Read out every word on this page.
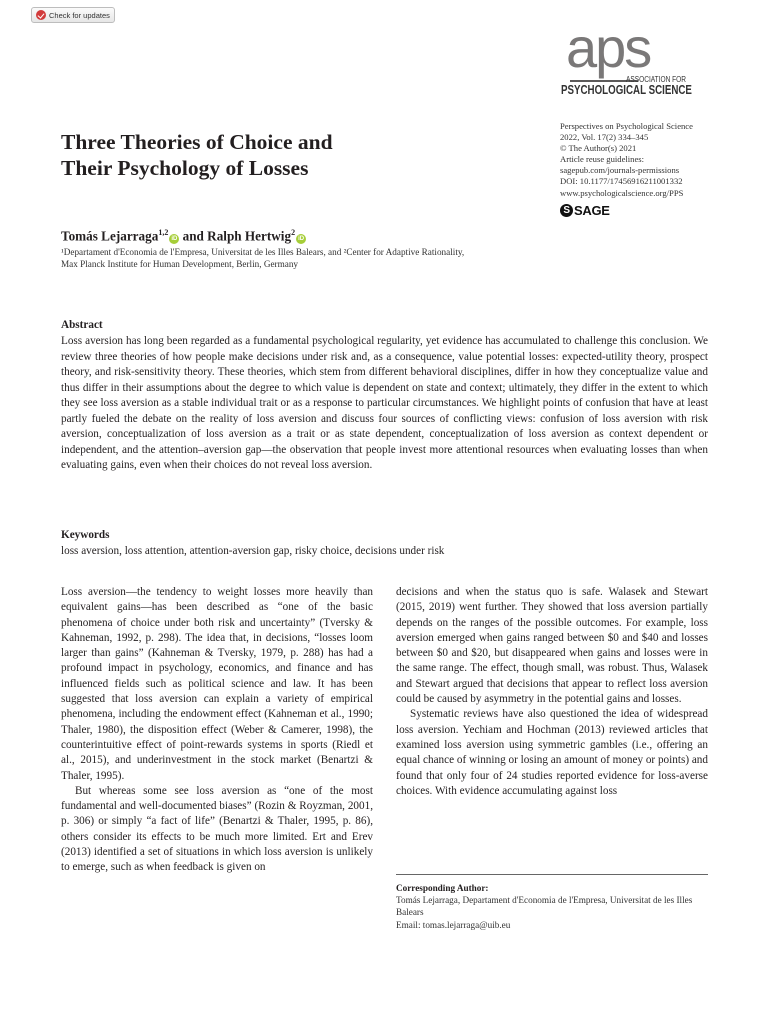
Check for updates
aps
ASSOCIATION FOR
PSYCHOLOGICAL SCIENCE
Perspectives on Psychological Science
2022, Vol. 17(2) 334–345
© The Author(s) 2021
Article reuse guidelines:
sagepub.com/journals-permissions
DOI: 10.1177/17456916211001332
www.psychologicalscience.org/PPS
S SAGE
Three Theories of Choice and
Their Psychology of Losses
Tomás Lejarraga$^{1,2}$iD and Ralph Hertwig$^2$iD
¹Departament d'Economia de l'Empresa, Universitat de les Illes Balears, and ²Center for Adaptive Rationality,
Max Planck Institute for Human Development, Berlin, Germany
Abstract

Loss aversion has long been regarded as a fundamental psychological regularity, yet evidence has accumulated to challenge this conclusion. We review three theories of how people make decisions under risk and, as a consequence, value potential losses: expected-utility theory, prospect theory, and risk-sensitivity theory. These theories, which stem from different behavioral disciplines, differ in how they conceptualize value and thus differ in their assumptions about the degree to which value is dependent on state and context; ultimately, they differ in the extent to which they see loss aversion as a stable individual trait or as a response to particular circumstances. We highlight points of confusion that have at least partly fueled the debate on the reality of loss aversion and discuss four sources of conflicting views: confusion of loss aversion with risk aversion, conceptualization of loss aversion as a trait or as state dependent, conceptualization of loss aversion as context dependent or independent, and the attention–aversion gap—the observation that people invest more attentional resources when evaluating losses than when evaluating gains, even when their choices do not reveal loss aversion.

Keywords
loss aversion, loss attention, attention-aversion gap, risky choice, decisions under risk

Loss aversion—the tendency to weight losses more heavily than equivalent gains—has been described as “one of the basic phenomena of choice under both risk and uncertainty” (Tversky & Kahneman, 1992, p. 298). The idea that, in decisions, “losses loom larger than gains” (Kahneman & Tversky, 1979, p. 288) has had a profound impact in psychology, economics, and finance and has influenced fields such as political science and law. It has been suggested that loss aversion can explain a variety of empirical phenomena, including the endowment effect (Kahneman et al., 1990; Thaler, 1980), the disposition effect (Weber & Camerer, 1998), the counterintuitive effect of point-rewards systems in sports (Riedl et al., 2015), and underinvestment in the stock market (Benartzi & Thaler, 1995).

But whereas some see loss aversion as “one of the most fundamental and well-documented biases” (Rozin & Royzman, 2001, p. 306) or simply “a fact of life” (Benartzi & Thaler, 1995, p. 86), others consider its effects to be much more limited. Ert and Erev (2013) identified a set of situations in which loss aversion is unlikely to emerge, such as when feedback is given on

decisions and when the status quo is safe. Walasek and Stewart (2015, 2019) went further. They showed that loss aversion partially depends on the ranges of the possible outcomes. For example, loss aversion emerged when gains ranged between $0 and $40 and losses between $0 and $20, but disappeared when gains and losses were in the same range. The effect, though small, was robust. Thus, Walasek and Stewart argued that decisions that appear to reflect loss aversion could be caused by asymmetry in the potential gains and losses.

Systematic reviews have also questioned the idea of widespread loss aversion. Yechiam and Hochman (2013) reviewed articles that examined loss aversion using symmetric gambles (i.e., offering an equal chance of winning or losing an amount of money or points) and found that only four of 24 studies reported evidence for loss-averse choices. With evidence accumulating against loss

Corresponding Author:
Tomás Lejarraga, Departament d'Economia de l'Empresa, Universitat de les Illes Balears
Email: tomas.lejarraga@uib.eu
